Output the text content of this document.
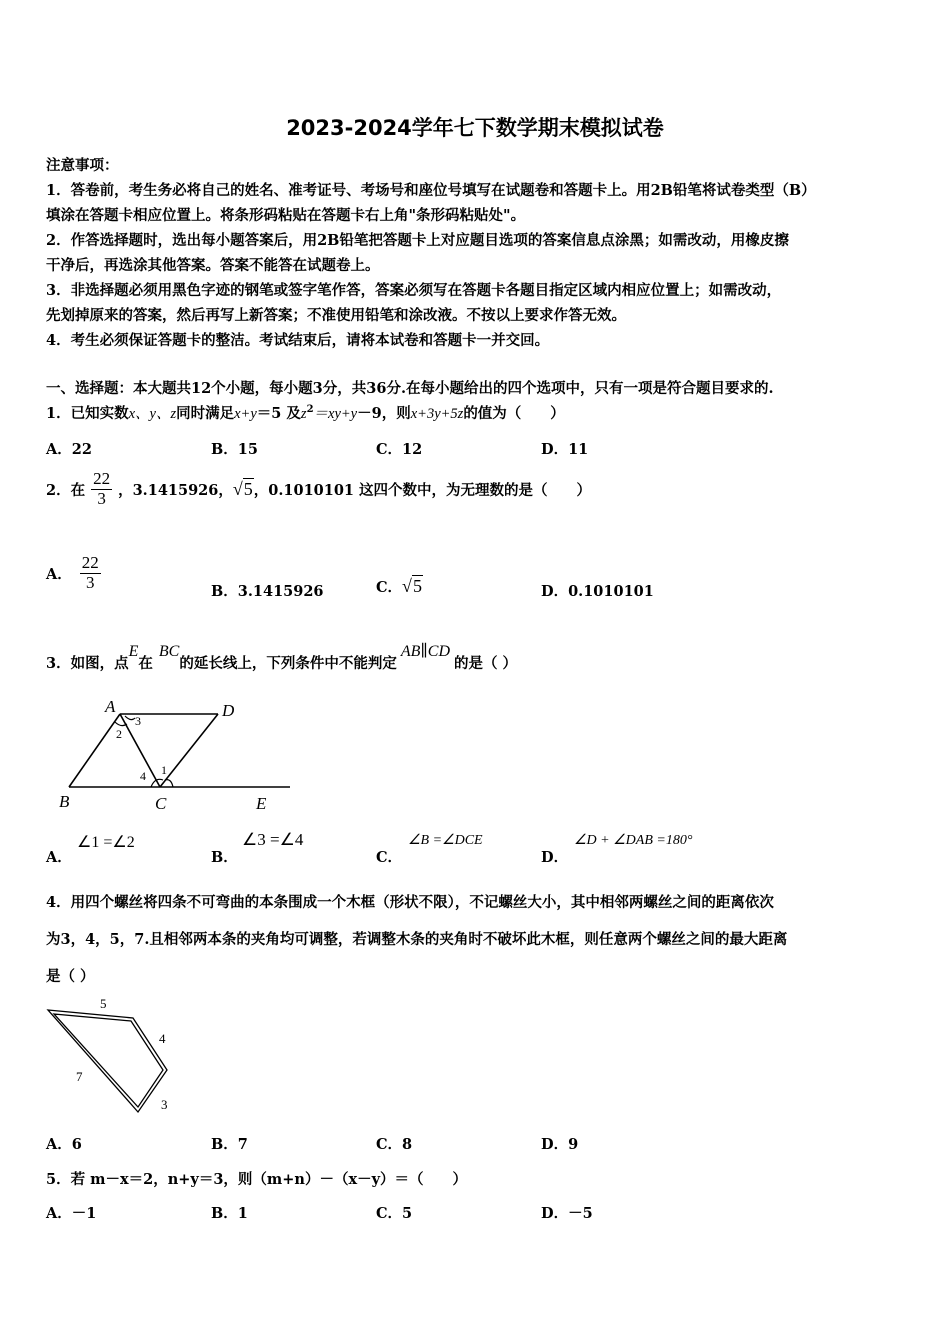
2023-2024学年七下数学期末模拟试卷
注意事项：
1．答卷前，考生务必将自己的姓名、准考证号、考场号和座位号填写在试题卷和答题卡上。用2B铅笔将试卷类型（B）
填涂在答题卡相应位置上。将条形码粘贴在答题卡右上角"条形码粘贴处"。
2．作答选择题时，选出每小题答案后，用2B铅笔把答题卡上对应题目选项的答案信息点涂黑；如需改动，用橡皮擦
干净后，再选涂其他答案。答案不能答在试题卷上。
3．非选择题必须用黑色字迹的钢笔或签字笔作答，答案必须写在答题卡各题目指定区域内相应位置上；如需改动，
先划掉原来的答案，然后再写上新答案；不准使用铅笔和涂改液。不按以上要求作答无效。
4．考生必须保证答题卡的整洁。考试结束后，请将本试卷和答题卡一并交回。
一、选择题：本大题共12个小题，每小题3分，共36分.在每小题给出的四个选项中，只有一项是符合题目要求的.
1．已知实数x、y、z同时满足x+y＝5 及$z^2=xy+y-9$，则x+3y+5z的值为（　　）
A．22	B．15	C．12	D．11
2．在 $\frac{22}{3}$ ，3.1415926， √5 ，0.1010101 这四个数中，为无理数的是（　　）
A． $\frac{22}{3}$	B．3.1415926	C．√5	D．0.1010101
3．如图，点E在BC的延长线上，下列条件中不能判定AB∥CD的是（ ）
A	D
B	C	E
1
2
3
4
A．
∠1 =∠2
B．
∠3 =∠4
C．
∠B =∠DCE
D．
∠D + ∠DAB =180°
4．用四个螺丝将四条不可弯曲的本条围成一个木框（形状不限），不记螺丝大小，其中相邻两螺丝之间的距离依次
为3，4，5，7.且相邻两本条的夹角均可调整，若调整木条的夹角时不破坏此木框，则任意两个螺丝之间的最大距离
是（ ）
5
4
7
3
A．6	B．7	C．8	D．9
5．若 m－x＝2，n+y＝3，则（m+n）－（x－y）＝（　　）
A．－1	B．1	C．5	D．－5
